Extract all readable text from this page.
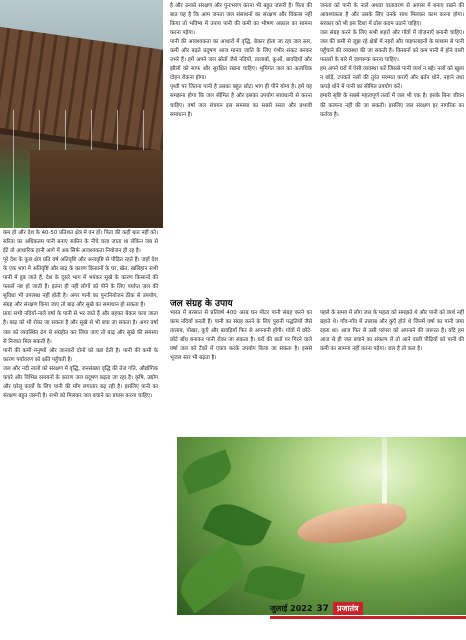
कम हो और देश के 40-50 प्रतिशत क्षेत्र में वन हों। पिता की कहीं बात नहीं को। सरिता का अधिकतम पानी बनाए सकीन के नीचे चला जाता था लेकिन जब से ईंटें तो आधारिक हानी आगे में अब सिर्फ आवश्यकता नियोजन ही रह है।

पूरे देश के कुछ क्षेत्र प्रति वर्ष अतिवृष्टि और अनावृष्टि से पीड़ित रहते हैं। जहाँ देश के एक भाग में अतिवृष्टि और बाढ़ के कारण किसानों के घर, खेत, खलिहान सभी पानी में डूब जाते हैं, देश के दूसरे भाग में भयंकर सूखे के कारण किसानों की फसलें नष्ट हो जाती हैं। इतना ही नहीं लोगों को पीने के लिए पर्याप्त जल की सुविधा भी उपलब्ध नहीं होती है। अगर पानी का पुनःनियोजन ठीक से उपयोग, संग्रह और संरक्षण किया जाए तो बाढ़ और सूखे का समाधान हो सकता है।

प्रायः सभी नदियाँ-नाले वर्षा के पानी से भर जाते हैं और बहकर बेकार चला जाता है। बाढ़ को भी रोका जा सकता है और सूखे से भी बचा जा सकता है। अगर वर्षा जल को व्यवस्थित ढंग से संग्रहीत कर लिया जाए तो बाढ़ और सूखे की समस्या से निजात मिल सकती है।

पानी की कमी मनुष्यों और जानवरों दोनों को कष्ट देती है। पानी की कमी के कारण पर्यावरण को क्षति पहुँचती है।

जल और नदी नालों को संरक्षण में वृद्धि, जनसंख्या वृद्धि की तेज गति, औद्योगिक कचरे और विभिन्न रसायनों के कारण जल प्रदूषण बढ़ता जा रहा है। कृषि, उद्योग और घरेलू कार्यों के लिए पानी की माँग लगातार बढ़ रही है। इसलिए पानी का संरक्षण बहुत जरूरी है। सभी को मिलकर जल बचाने का प्रयास करना चाहिए।

है और उनको संरक्षण और पुनःभरण करना भी बहुत जरूरी है। पिता की बात यह है कि आम जनता जल संसाधनों का संरक्षण और विकास नहीं किया तो भविष्य में उपाय पानी की कमी का भीषण अकाल का सामना करना पड़ेगा।

पानी की आवश्यकता का आधारों में वृद्धि, बेकार होता जा रहा जल स्तर, कमी और बढ़ते प्रदूषण आज मानव जाति के लिए गंभीर संकट बनकर उभरे हैं। हमें अपने जल स्रोतों जैसे नदियों, तालाबों, कुओं, बावड़ियों और झीलों को साफ और सुरक्षित रखना चाहिए। भूमिगत जल का अत्यधिक दोहन रोकना होगा।

पृथ्वी पर जितना पानी है उसका बहुत छोटा भाग ही पीने योग्य है। हमें यह समझना होगा कि जल सीमित है और इसका उपयोग सावधानी से करना चाहिए। वर्षा जल संचयन इस समस्या का सबसे सरल और प्रभावी समाधान है।

जल संग्रह के उपाय

भारत में बरसात से प्रतिवर्ष 400 अरब घन मीटर पानी संग्रह करने का काम नदियाँ करती हैं। पानी का संग्रह करने के लिए पुरानी पद्धतियाँ जैसे तालाब, पोखर, कुएँ और बावड़ियाँ फिर से अपनानी होंगी। गाँवों में छोटे-छोटे बाँध बनाकर पानी रोका जा सकता है। घरों की छतों पर गिरने वाले वर्षा जल को टैंकों में एकत्र करके उपयोग किया जा सकता है। इससे भूजल स्तर भी बढ़ता है।

जनता को पानी के नाले अथवा वातावरण से आपस में बनाए रखने की आवश्यकता है और उसके लिए उनके साथ मिलकर काम करना होगा। सरकार को भी इस दिशा में ठोस कदम उठाने चाहिए।

जल संग्रह करने के लिए सभी शहरों और गाँवों में योजनाएँ बनानी चाहिए। जल की कमी से जूझ रहे क्षेत्रों में नहरों और पाइपलाइनों के माध्यम से पानी पहुँचाने की व्यवस्था की जा सकती है। किसानों को कम पानी में होने वाली फसलों के बारे में जागरूक करना चाहिए।

हम अपने घरों में ऐसी व्यवस्था करें जिससे पानी व्यर्थ न बहे। नलों को खुला न छोड़ें, टपकते नलों की तुरंत मरम्मत कराएँ और बर्तन धोने, नहाने तथा कपड़े धोने में पानी का सीमित उपयोग करें।

हमारी सृष्टि के सबसे महत्वपूर्ण तत्वों में जल भी एक है। इसके बिना जीवन की कल्पना नहीं की जा सकती। इसलिए जल संरक्षण हर नागरिक का कर्तव्य है।

पहले के समय में लोग जल के महत्व को समझते थे और पानी को व्यर्थ नहीं बहाते थे। गाँव-गाँव में तालाब और कुएँ होते थे जिनमें वर्षा का पानी जमा रहता था। आज फिर से उसी परंपरा को अपनाने की जरूरत है। यदि हम आज से ही जल बचाने का संकल्प लें तो आने वाली पीढ़ियों को पानी की कमी का सामना नहीं करना पड़ेगा। जल है तो कल है।

जुलाई 2022 37	प्रजातंत्र
